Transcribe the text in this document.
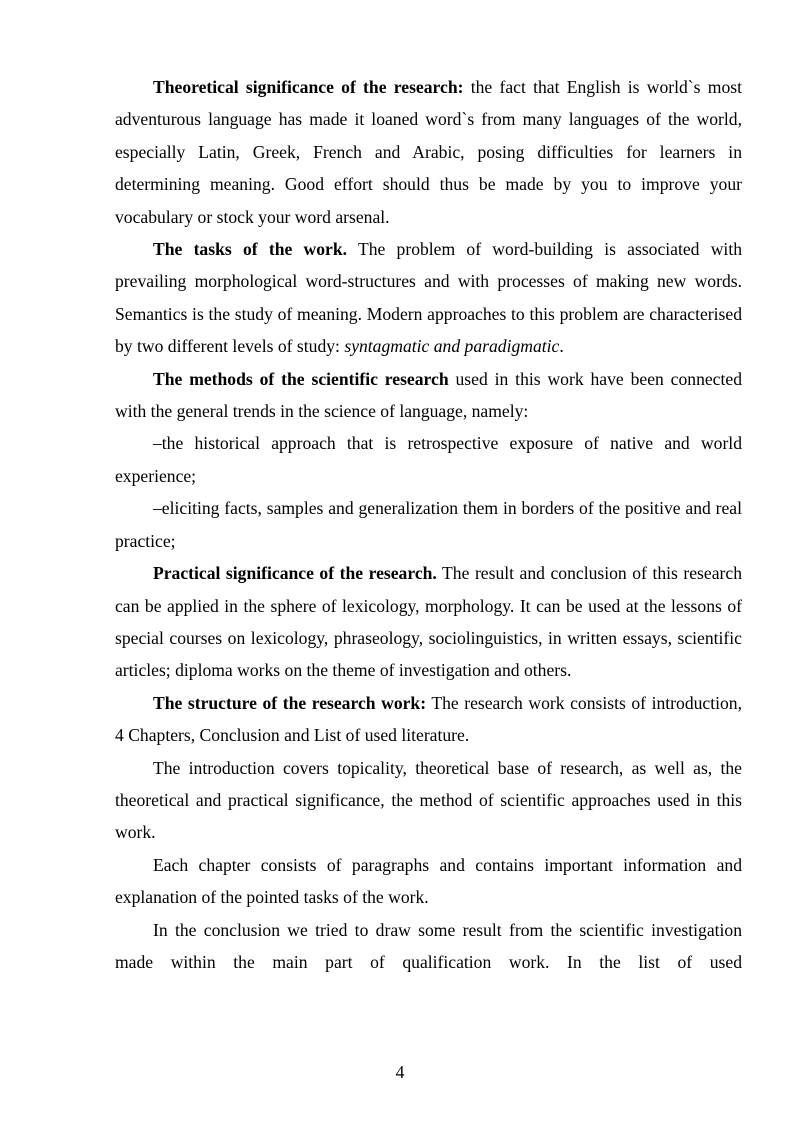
Theoretical significance of the research: the fact that English is world`s most adventurous language has made it loaned word`s from many languages of the world, especially Latin, Greek, French and Arabic, posing difficulties for learners in determining meaning. Good effort should thus be made by you to improve your vocabulary or stock your word arsenal.

The tasks of the work. The problem of word-building is associated with prevailing morphological word-structures and with processes of making new words. Semantics is the study of meaning. Modern approaches to this problem are characterised by two different levels of study: syntagmatic and paradigmatic.

The methods of the scientific research used in this work have been connected with the general trends in the science of language, namely:

–the historical approach that is retrospective exposure of native and world experience;

–eliciting facts, samples and generalization them in borders of the positive and real practice;

Practical significance of the research. The result and conclusion of this research can be applied in the sphere of lexicology, morphology. It can be used at the lessons of special courses on lexicology, phraseology, sociolinguistics, in written essays, scientific articles; diploma works on the theme of investigation and others.

The structure of the research work: The research work consists of introduction, 4 Chapters, Conclusion and List of used literature.

The introduction covers topicality, theoretical base of research, as well as, the theoretical and practical significance, the method of scientific approaches used in this work.

Each chapter consists of paragraphs and contains important information and explanation of the pointed tasks of the work.

In the conclusion we tried to draw some result from the scientific investigation made within the main part of qualification work. In the list of used

4
